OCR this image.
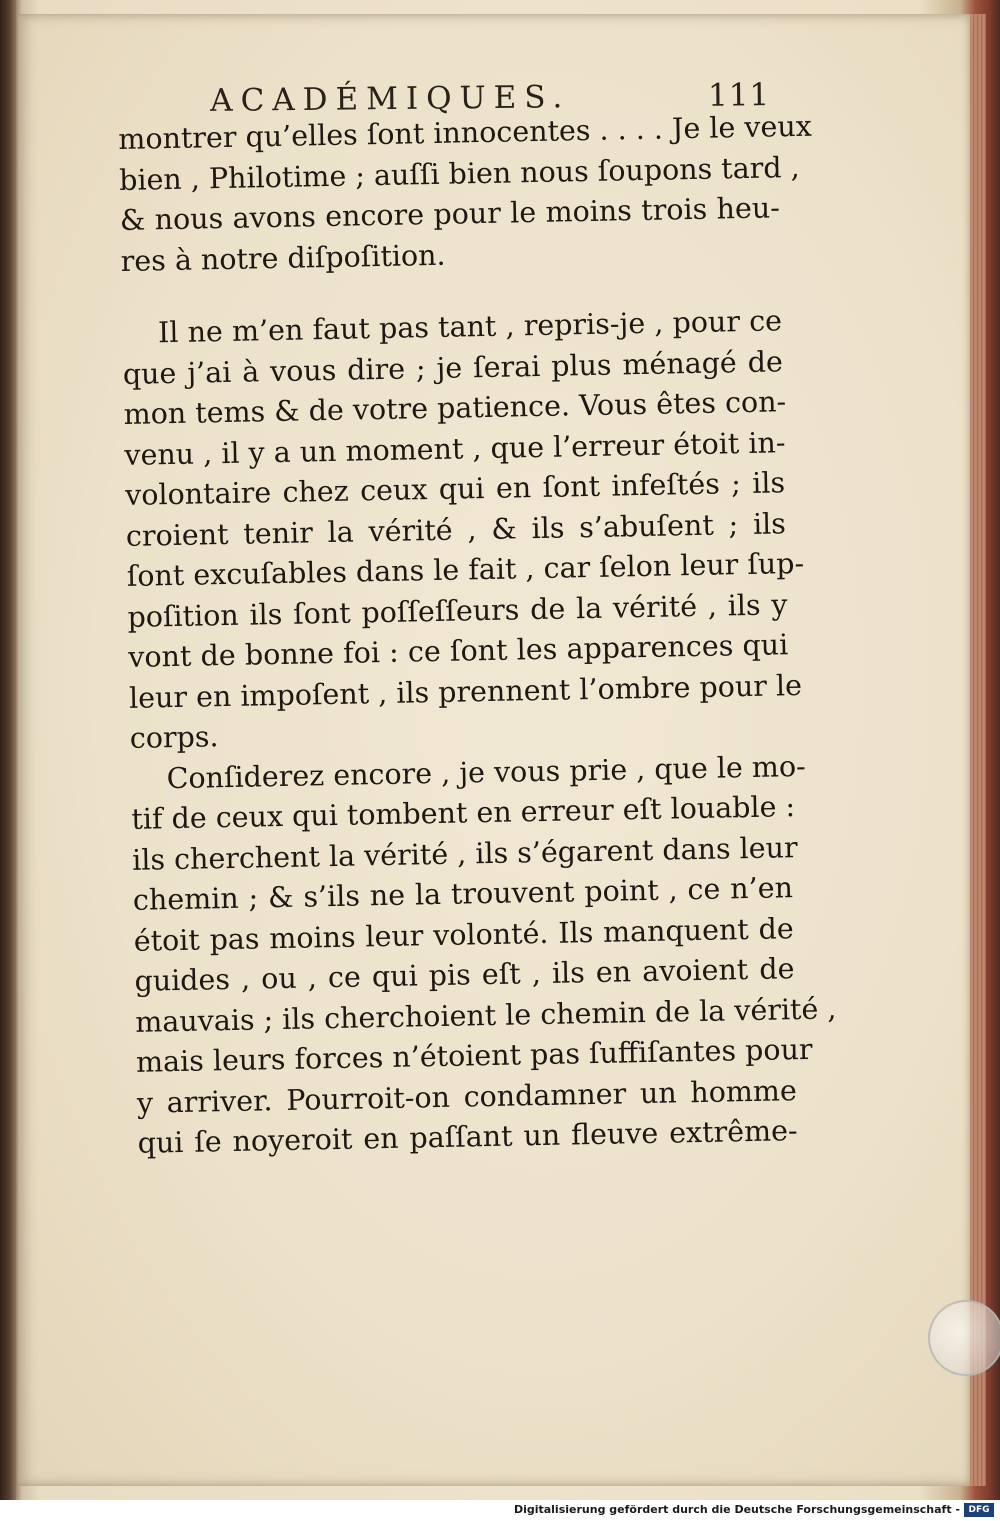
ACADÉMIQUES.	111
montrer qu’elles ſont innocentes . . . . Je le veux
bien , Philotime ; auſſi bien nous ſoupons tard ,
& nous avons encore pour le moins trois heu-
res à notre diſpoſition.
Il ne m’en faut pas tant , repris-je , pour ce
que j’ai à vous dire ; je ſerai plus ménagé de
mon tems & de votre patience. Vous êtes con-
venu , il y a un moment , que l’erreur étoit in-
volontaire chez ceux qui en ſont infeſtés ; ils
croient tenir la vérité , & ils s’abuſent ; ils
ſont excuſables dans le fait , car ſelon leur ſup-
poſition ils ſont poſſeſſeurs de la vérité , ils y
vont de bonne foi : ce ſont les apparences qui
leur en impoſent , ils prennent l’ombre pour le
corps.
Conſiderez encore , je vous prie , que le mo-
tif de ceux qui tombent en erreur eſt louable :
ils cherchent la vérité , ils s’égarent dans leur
chemin ; & s’ils ne la trouvent point , ce n’en
étoit pas moins leur volonté. Ils manquent de
guides , ou , ce qui pis eſt , ils en avoient de
mauvais ; ils cherchoient le chemin de la vérité ,
mais leurs forces n’étoient pas ſuffiſantes pour
y arriver. Pourroit-on condamner un homme
qui ſe noyeroit en paſſant un fleuve extrême-
Digitalisierung gefördert durch die Deutsche Forschungsgemeinschaft - DFG
